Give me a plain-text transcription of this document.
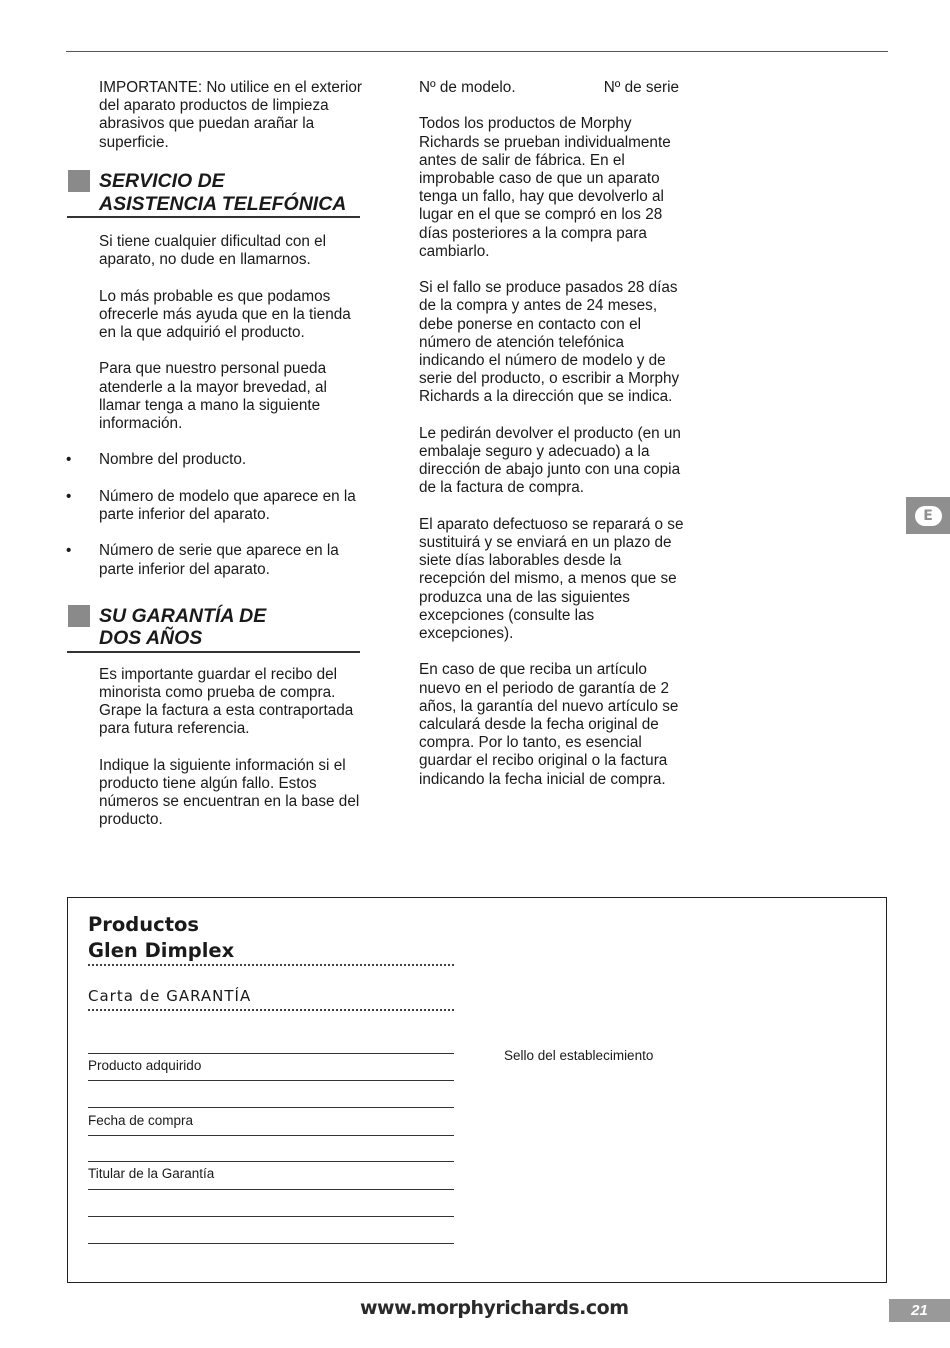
IMPORTANTE: No utilice en el exterior del aparato productos de limpieza abrasivos que puedan arañar la superficie.

SERVICIO DE
ASISTENCIA TELEFÓNICA

Si tiene cualquier dificultad con el aparato, no dude en llamarnos.

Lo más probable es que podamos ofrecerle más ayuda que en la tienda en la que adquirió el producto.

Para que nuestro personal pueda atenderle a la mayor brevedad, al llamar tenga a mano la siguiente información.

• Nombre del producto.
• Número de modelo que aparece en la parte inferior del aparato.
• Número de serie que aparece en la parte inferior del aparato.
SU GARANTÍA DE
DOS AÑOS

Es importante guardar el recibo del minorista como prueba de compra. Grape la factura a esta contraportada para futura referencia.

Indique la siguiente información si el producto tiene algún fallo. Estos números se encuentran en la base del producto.

Nº de modelo.	Nº de serie

Todos los productos de Morphy Richards se prueban individualmente antes de salir de fábrica. En el improbable caso de que un aparato tenga un fallo, hay que devolverlo al lugar en el que se compró en los 28 días posteriores a la compra para cambiarlo.

Si el fallo se produce pasados 28 días de la compra y antes de 24 meses, debe ponerse en contacto con el número de atención telefónica indicando el número de modelo y de serie del producto, o escribir a Morphy Richards a la dirección que se indica.

Le pedirán devolver el producto (en un embalaje seguro y adecuado) a la dirección de abajo junto con una copia de la factura de compra.

El aparato defectuoso se reparará o se sustituirá y se enviará en un plazo de siete días laborables desde la recepción del mismo, a menos que se produzca una de las siguientes excepciones (consulte las excepciones).

En caso de que reciba un artículo nuevo en el periodo de garantía de 2 años, la garantía del nuevo artículo se calculará desde la fecha original de compra. Por lo tanto, es esencial guardar el recibo original o la factura indicando la fecha inicial de compra.

E
Productos
Glen Dimplex
Carta de GARANTÍA
Producto adquirido
Fecha de compra
Titular de la Garantía
Sello del establecimiento
www.morphyrichards.com	21
